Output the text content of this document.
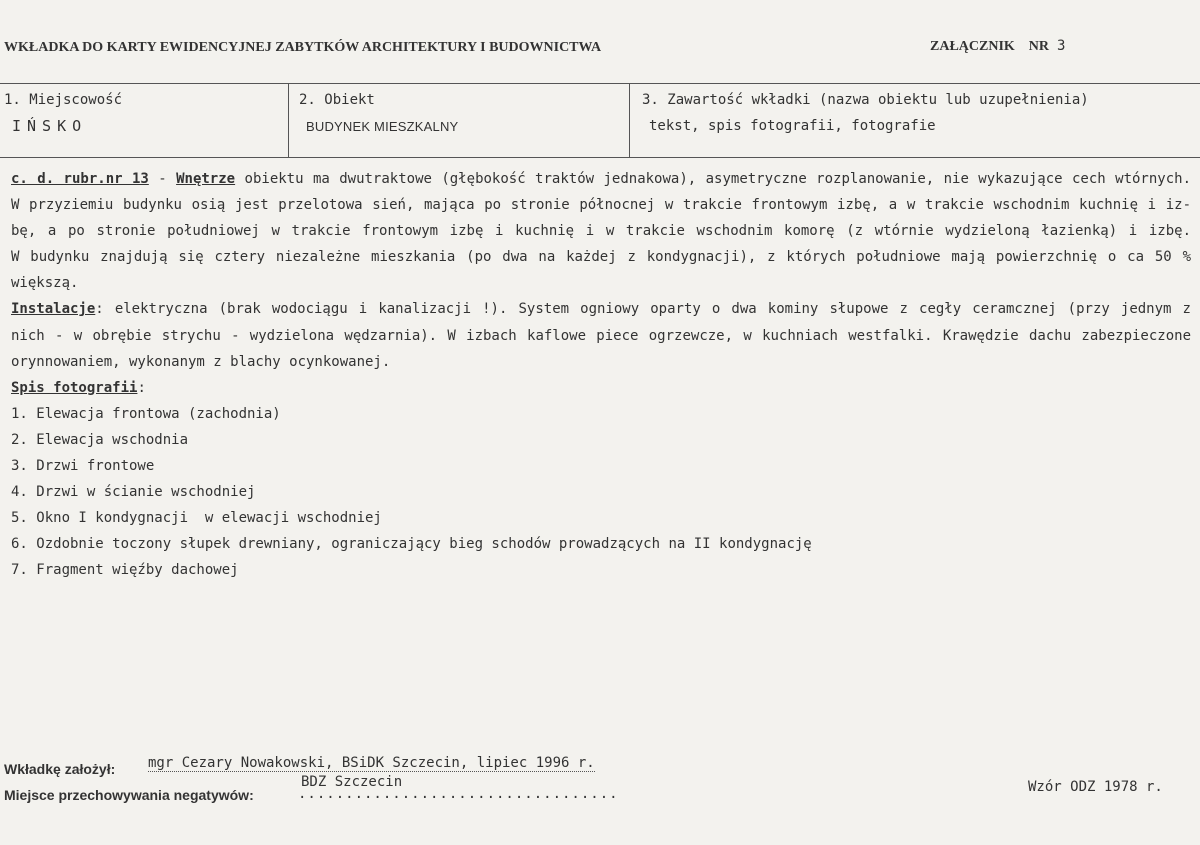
WKŁADKA DO KARTY EWIDENCYJNEJ ZABYTKÓW ARCHITEKTURY I BUDOWNICTWA	ZAŁĄCZNIK    NR 3
1. Miejscowość
IŃSKO
2. Obiekt
BUDYNEK MIESZKALNY
3. Zawartość wkładki (nazwa obiektu lub uzupełnienia)
tekst, spis fotografii, fotografie

c. d. rubr.nr 13 - Wnętrze obiektu ma dwutraktowe (głębokość traktów jednakowa), asymetryczne rozplanowanie, nie wykazujące cech wtórnych.

W przyziemiu budynku osią jest przelotowa sień, mająca po stronie północnej w trakcie frontowym izbę, a w trakcie wschodnim kuchnię i iz-

bę, a po stronie południowej w trakcie frontowym izbę i kuchnię i w trakcie wschodnim komorę (z wtórnie wydzieloną łazienką) i izbę.

W budynku znajdują się cztery niezależne mieszkania (po dwa na każdej z kondygnacji), z których południowe mają powierzchnię o ca 50 %

większą.

Instalacje: elektryczna (brak wodociągu i kanalizacji !). System ogniowy oparty o dwa kominy słupowe z cegły ceramcznej (przy jednym z

nich - w obrębie strychu - wydzielona wędzarnia). W izbach kaflowe piece ogrzewcze, w kuchniach westfalki. Krawędzie dachu zabezpieczone

orynnowaniem, wykonanym z blachy ocynkowanej.

Spis fotografii:

1. Elewacja frontowa (zachodnia)
2. Elewacja wschodnia
3. Drzwi frontowe
4. Drzwi w ścianie wschodniej
5. Okno I kondygnacji  w elewacji wschodniej
6. Ozdobnie toczony słupek drewniany, ograniczający bieg schodów prowadzących na II kondygnację
7. Fragment więźby dachowej
Wkładkę założył: mgr Cezary Nowakowski, BSiDK Szczecin, lipiec 1996 r.
BDZ Szczecin
Miejsce przechowywania negatywów:	..................................	Wzór ODZ 1978 r.
